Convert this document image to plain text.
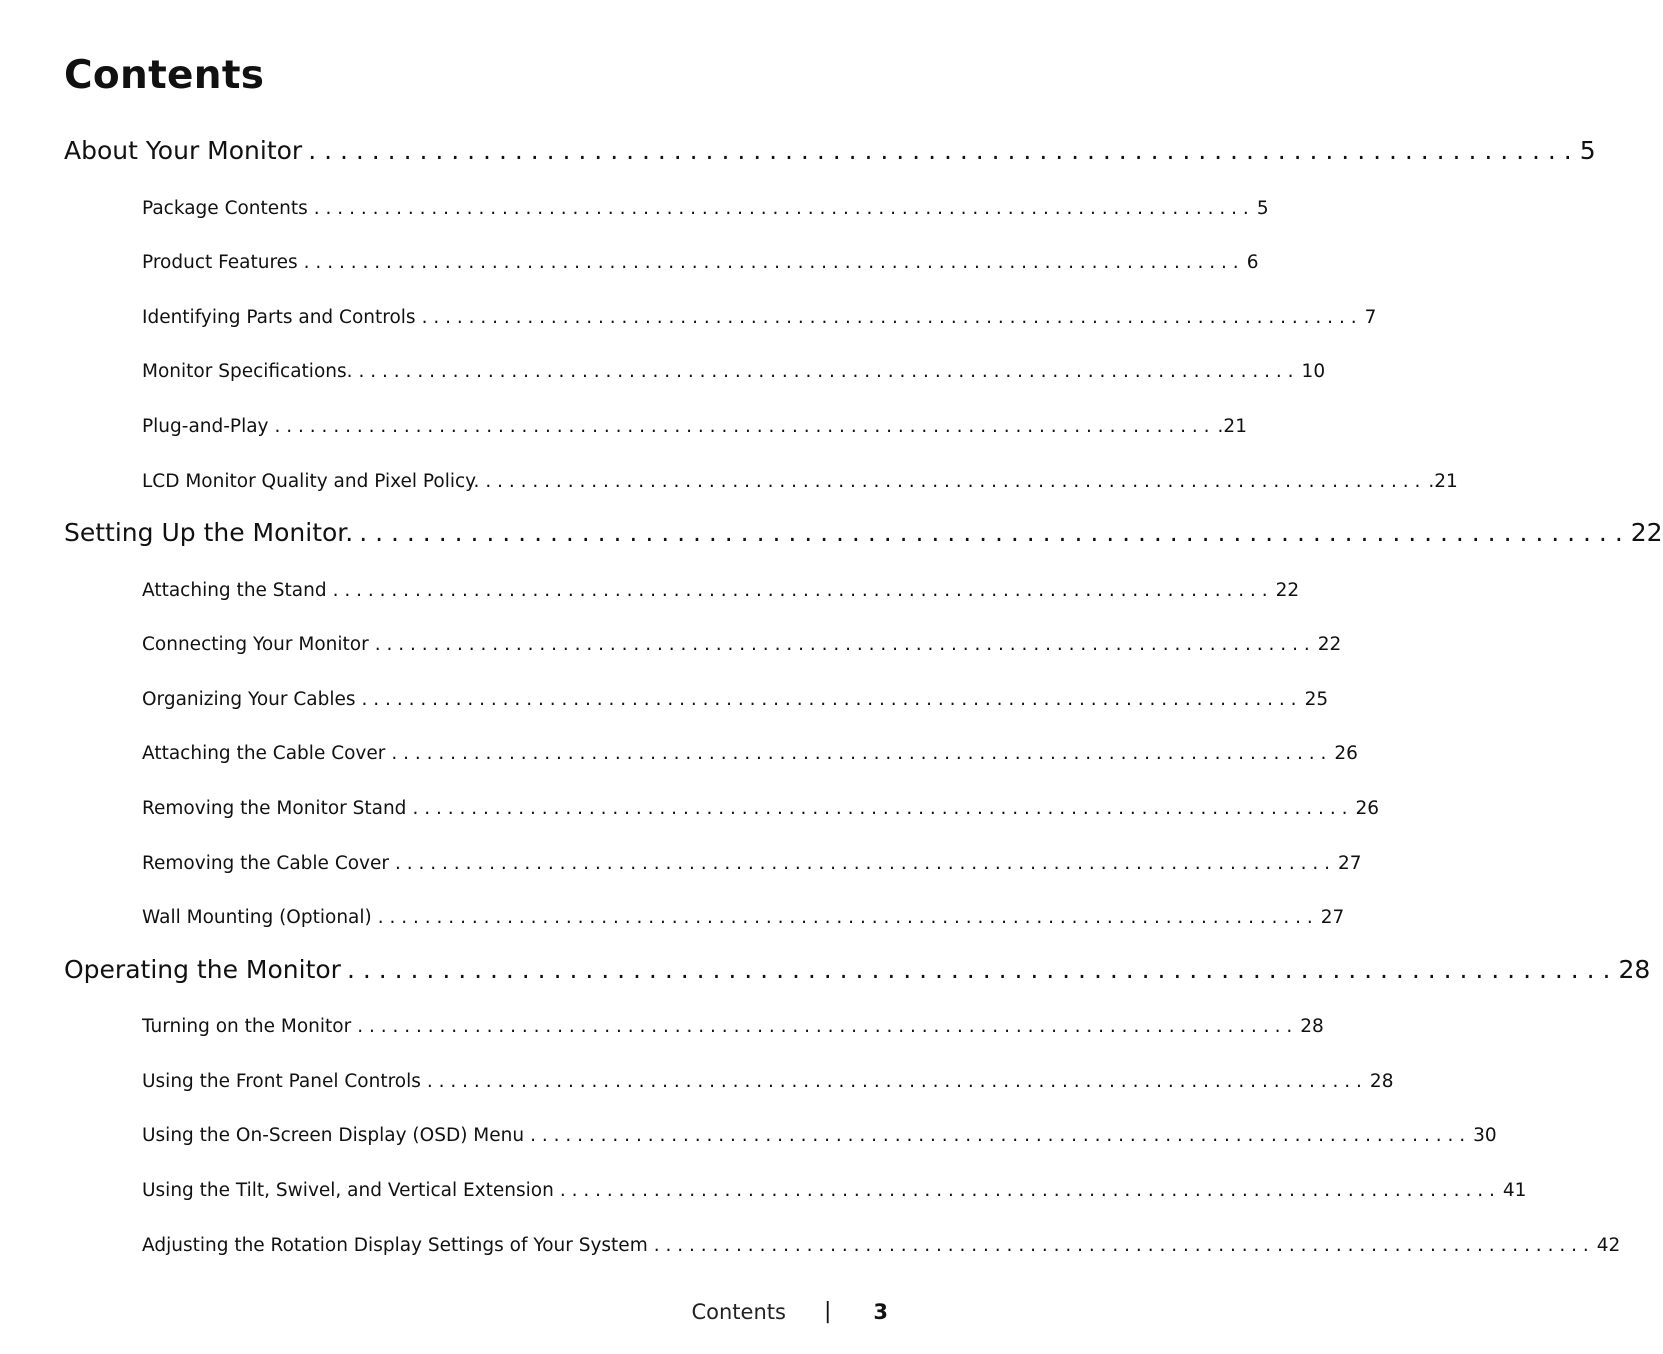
Contents
About Your Monitor . . . . . . . . . . . . . . . . . . . . . . . . . . . . . . . . . . . . . . . . . . . . . . . . . . . . . . . . . . . . . . . . . . . . . . . . . . . . . . . . 5
Package Contents . . . . . . . . . . . . . . . . . . . . . . . . . . . . . . . . . . . . . . . . . . . . . . . . . . . . . . . . . . . . . . . . . . . . . . . . . . . . . . . . 5
Product Features . . . . . . . . . . . . . . . . . . . . . . . . . . . . . . . . . . . . . . . . . . . . . . . . . . . . . . . . . . . . . . . . . . . . . . . . . . . . . . . . 6
Identifying Parts and Controls . . . . . . . . . . . . . . . . . . . . . . . . . . . . . . . . . . . . . . . . . . . . . . . . . . . . . . . . . . . . . . . . . . . . . . . . . . . . . . . . 7
Monitor Specifications. . . . . . . . . . . . . . . . . . . . . . . . . . . . . . . . . . . . . . . . . . . . . . . . . . . . . . . . . . . . . . . . . . . . . . . . . . . . . . . . . 10
Plug-and-Play . . . . . . . . . . . . . . . . . . . . . . . . . . . . . . . . . . . . . . . . . . . . . . . . . . . . . . . . . . . . . . . . . . . . . . . . . . . . . . . . .21
LCD Monitor Quality and Pixel Policy. . . . . . . . . . . . . . . . . . . . . . . . . . . . . . . . . . . . . . . . . . . . . . . . . . . . . . . . . . . . . . . . . . . . . . . . . . . . . . . . . .21
Setting Up the Monitor. . . . . . . . . . . . . . . . . . . . . . . . . . . . . . . . . . . . . . . . . . . . . . . . . . . . . . . . . . . . . . . . . . . . . . . . . . . . . . . . . 22
Attaching the Stand . . . . . . . . . . . . . . . . . . . . . . . . . . . . . . . . . . . . . . . . . . . . . . . . . . . . . . . . . . . . . . . . . . . . . . . . . . . . . . . . 22
Connecting Your Monitor . . . . . . . . . . . . . . . . . . . . . . . . . . . . . . . . . . . . . . . . . . . . . . . . . . . . . . . . . . . . . . . . . . . . . . . . . . . . . . . . 22
Organizing Your Cables . . . . . . . . . . . . . . . . . . . . . . . . . . . . . . . . . . . . . . . . . . . . . . . . . . . . . . . . . . . . . . . . . . . . . . . . . . . . . . . . 25
Attaching the Cable Cover . . . . . . . . . . . . . . . . . . . . . . . . . . . . . . . . . . . . . . . . . . . . . . . . . . . . . . . . . . . . . . . . . . . . . . . . . . . . . . . . 26
Removing the Monitor Stand . . . . . . . . . . . . . . . . . . . . . . . . . . . . . . . . . . . . . . . . . . . . . . . . . . . . . . . . . . . . . . . . . . . . . . . . . . . . . . . . 26
Removing the Cable Cover . . . . . . . . . . . . . . . . . . . . . . . . . . . . . . . . . . . . . . . . . . . . . . . . . . . . . . . . . . . . . . . . . . . . . . . . . . . . . . . . 27
Wall Mounting (Optional) . . . . . . . . . . . . . . . . . . . . . . . . . . . . . . . . . . . . . . . . . . . . . . . . . . . . . . . . . . . . . . . . . . . . . . . . . . . . . . . . 27
Operating the Monitor . . . . . . . . . . . . . . . . . . . . . . . . . . . . . . . . . . . . . . . . . . . . . . . . . . . . . . . . . . . . . . . . . . . . . . . . . . . . . . . . 28
Turning on the Monitor . . . . . . . . . . . . . . . . . . . . . . . . . . . . . . . . . . . . . . . . . . . . . . . . . . . . . . . . . . . . . . . . . . . . . . . . . . . . . . . . 28
Using the Front Panel Controls . . . . . . . . . . . . . . . . . . . . . . . . . . . . . . . . . . . . . . . . . . . . . . . . . . . . . . . . . . . . . . . . . . . . . . . . . . . . . . . . 28
Using the On-Screen Display (OSD) Menu . . . . . . . . . . . . . . . . . . . . . . . . . . . . . . . . . . . . . . . . . . . . . . . . . . . . . . . . . . . . . . . . . . . . . . . . . . . . . . . . 30
Using the Tilt, Swivel, and Vertical Extension . . . . . . . . . . . . . . . . . . . . . . . . . . . . . . . . . . . . . . . . . . . . . . . . . . . . . . . . . . . . . . . . . . . . . . . . . . . . . . . . 41
Adjusting the Rotation Display Settings of Your System . . . . . . . . . . . . . . . . . . . . . . . . . . . . . . . . . . . . . . . . . . . . . . . . . . . . . . . . . . . . . . . . . . . . . . . . . . . . . . . . 42
Contents | 3
